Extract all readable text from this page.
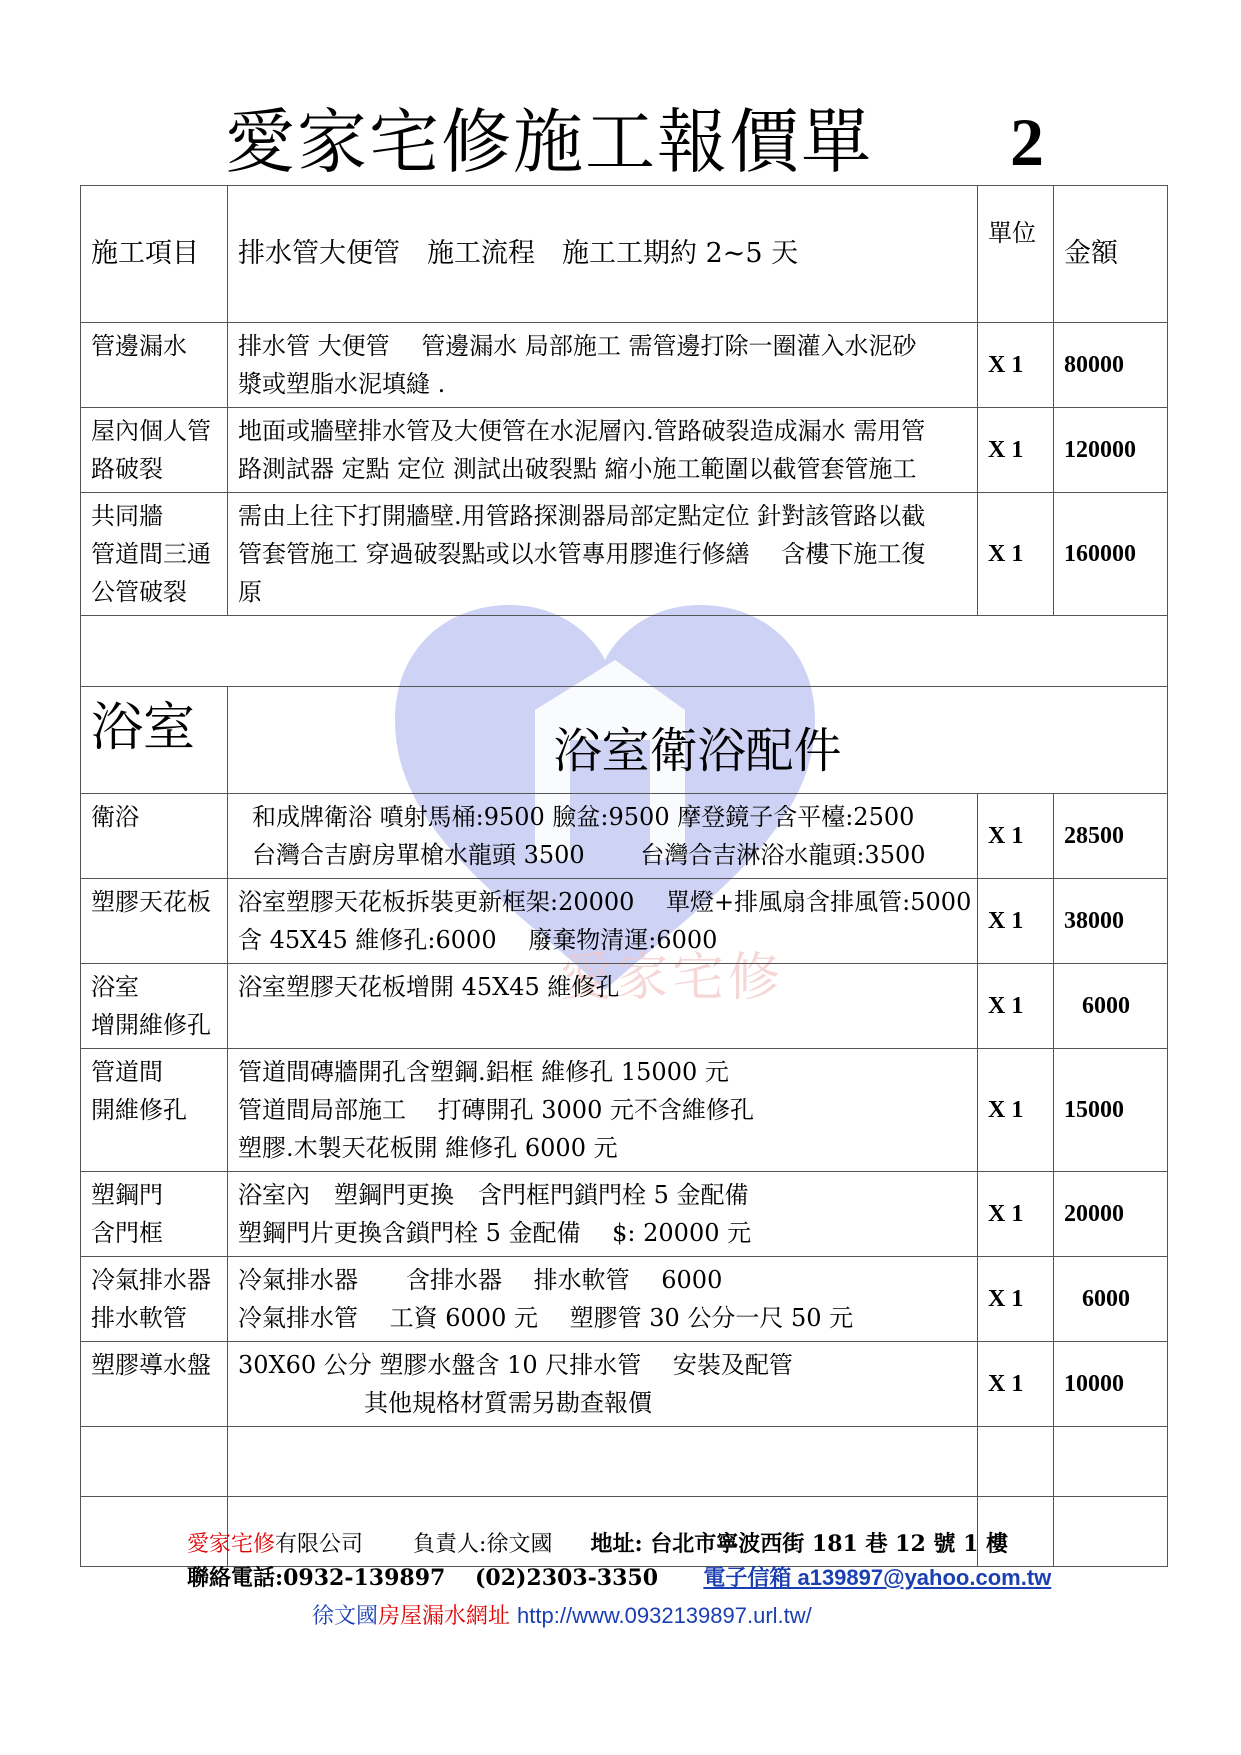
愛家宅修
愛家宅修施工報價單 2
施工項目	排水管大便管　施工流程　施工工期約 2~5 天	單位	金額

管邊漏水	排水管 大便管　 管邊漏水 局部施工 需管邊打除一圈灌入水泥砂
漿或塑脂水泥填縫 .	X 1	80000

屋內個人管
路破裂	地面或牆壁排水管及大便管在水泥層內.管路破裂造成漏水 需用管
路測試器 定點 定位 測試出破裂點 縮小施工範圍以截管套管施工	X 1	120000

共同牆
管道間三通
公管破裂	需由上往下打開牆壁.用管路探測器局部定點定位 針對該管路以截
管套管施工 穿過破裂點或以水管專用膠進行修繕　 含樓下施工復
原	X 1	160000

浴室	浴室衛浴配件		

衛浴	和成牌衛浴 噴射馬桶:9500 臉盆:9500 摩登鏡子含平檯:2500
台灣合吉廚房單槍水龍頭 3500　　 台灣合吉淋浴水龍頭:3500	X 1	28500

塑膠天花板	浴室塑膠天花板拆裝更新框架:20000　 單燈+排風扇含排風管:5000
含 45X45 維修孔:6000　 廢棄物清運:6000	X 1	38000

浴室
增開維修孔	浴室塑膠天花板增開 45X45 維修孔	X 1	6000

管道間
開維修孔	管道間磚牆開孔含塑鋼.鋁框 維修孔 15000 元
管道間局部施工　 打磚開孔 3000 元不含維修孔
塑膠.木製天花板開 維修孔 6000 元	X 1	15000

塑鋼門
含門框	浴室內　塑鋼門更換　含門框門鎖門栓 5 金配備
塑鋼門片更換含鎖門栓 5 金配備　 $: 20000 元	X 1	20000

冷氣排水器
排水軟管	冷氣排水器　　含排水器　 排水軟管　 6000
冷氣排水管　 工資 6000 元　 塑膠管 30 公分一尺 50 元	X 1	6000

塑膠導水盤	30X60 公分 塑膠水盤含 10 尺排水管　 安裝及配管
其他規格材質需另勘查報價	X 1	10000

愛家宅修有限公司 負責人:徐文國 地址: 台北市寧波西街 181 巷 12 號 1 樓
聯絡電話:0932-139897　 (02)2303-3350 電子信箱 a139897@yahoo.com.tw
徐文國房屋漏水網址 http://www.0932139897.url.tw/
